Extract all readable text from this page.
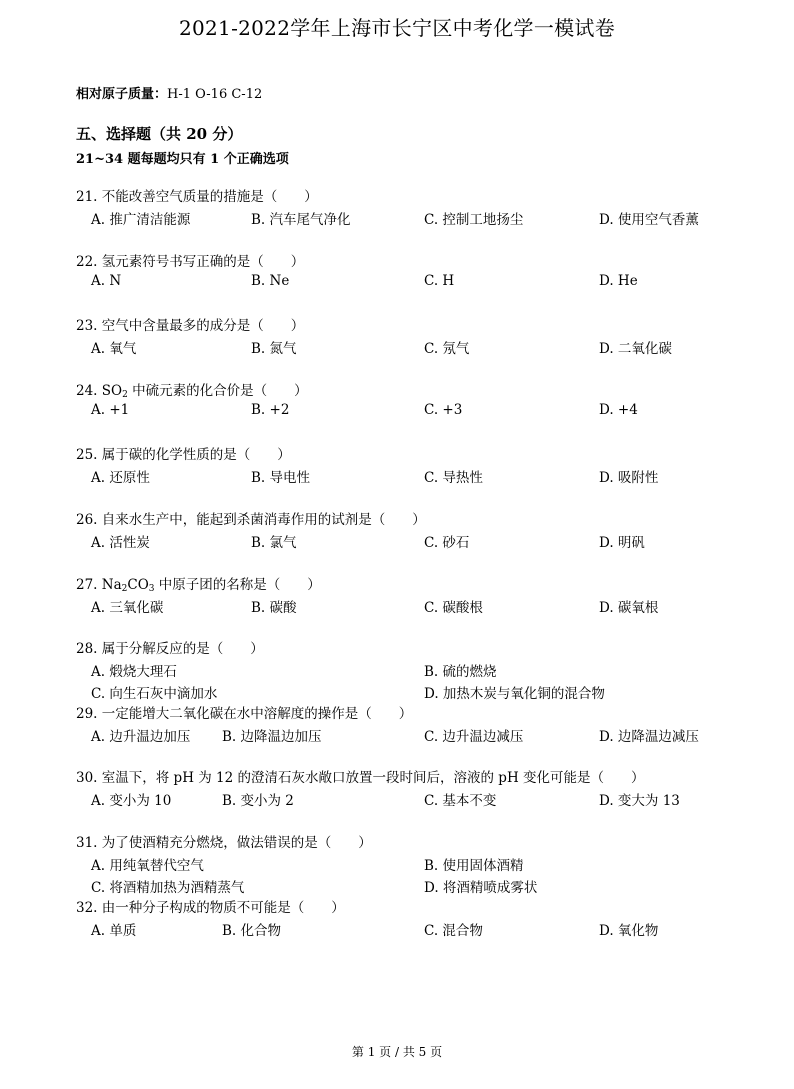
2021-2022学年上海市长宁区中考化学一模试卷
相对原子质量：H-1 O-16 C-12
五、选择题（共 20 分）
21~34 题每题均只有 1 个正确选项
21. 不能改善空气质量的措施是（　　）
A. 推广清洁能源	B. 汽车尾气净化	C. 控制工地扬尘	D. 使用空气香薰
22. 氢元素符号书写正确的是（　　）
A. N	B. Ne	C. H	D. He
23. 空气中含量最多的成分是（　　）
A. 氧气	B. 氮气	C. 氖气	D. 二氧化碳
24. $SO_2$ 中硫元素的化合价是（　　）
A. +1	B. +2	C. +3	D. +4
25. 属于碳的化学性质的是（　　）
A. 还原性	B. 导电性	C. 导热性	D. 吸附性
26. 自来水生产中，能起到杀菌消毒作用的试剂是（　　）
A. 活性炭	B. 氯气	C. 砂石	D. 明矾
27. $Na_2CO_3$ 中原子团的名称是（　　）
A. 三氧化碳	B. 碳酸	C. 碳酸根	D. 碳氧根
28. 属于分解反应的是（　　）
A. 煅烧大理石	B. 硫的燃烧
C. 向生石灰中滴加水	D. 加热木炭与氧化铜的混合物
29. 一定能增大二氧化碳在水中溶解度的操作是（　　）
A. 边升温边加压 B. 边降温边加压	C. 边升温边减压	D. 边降温边减压
30. 室温下，将 pH 为 12 的澄清石灰水敞口放置一段时间后，溶液的 pH 变化可能是（　　）
A. 变小为 10	B. 变小为 2	C. 基本不变	D. 变大为 13
31. 为了使酒精充分燃烧，做法错误的是（　　）
A. 用纯氧替代空气	B. 使用固体酒精
C. 将酒精加热为酒精蒸气	D. 将酒精喷成雾状
32. 由一种分子构成的物质不可能是（　　）
A. 单质	B. 化合物	C. 混合物	D. 氧化物
第 1 页 / 共 5 页
